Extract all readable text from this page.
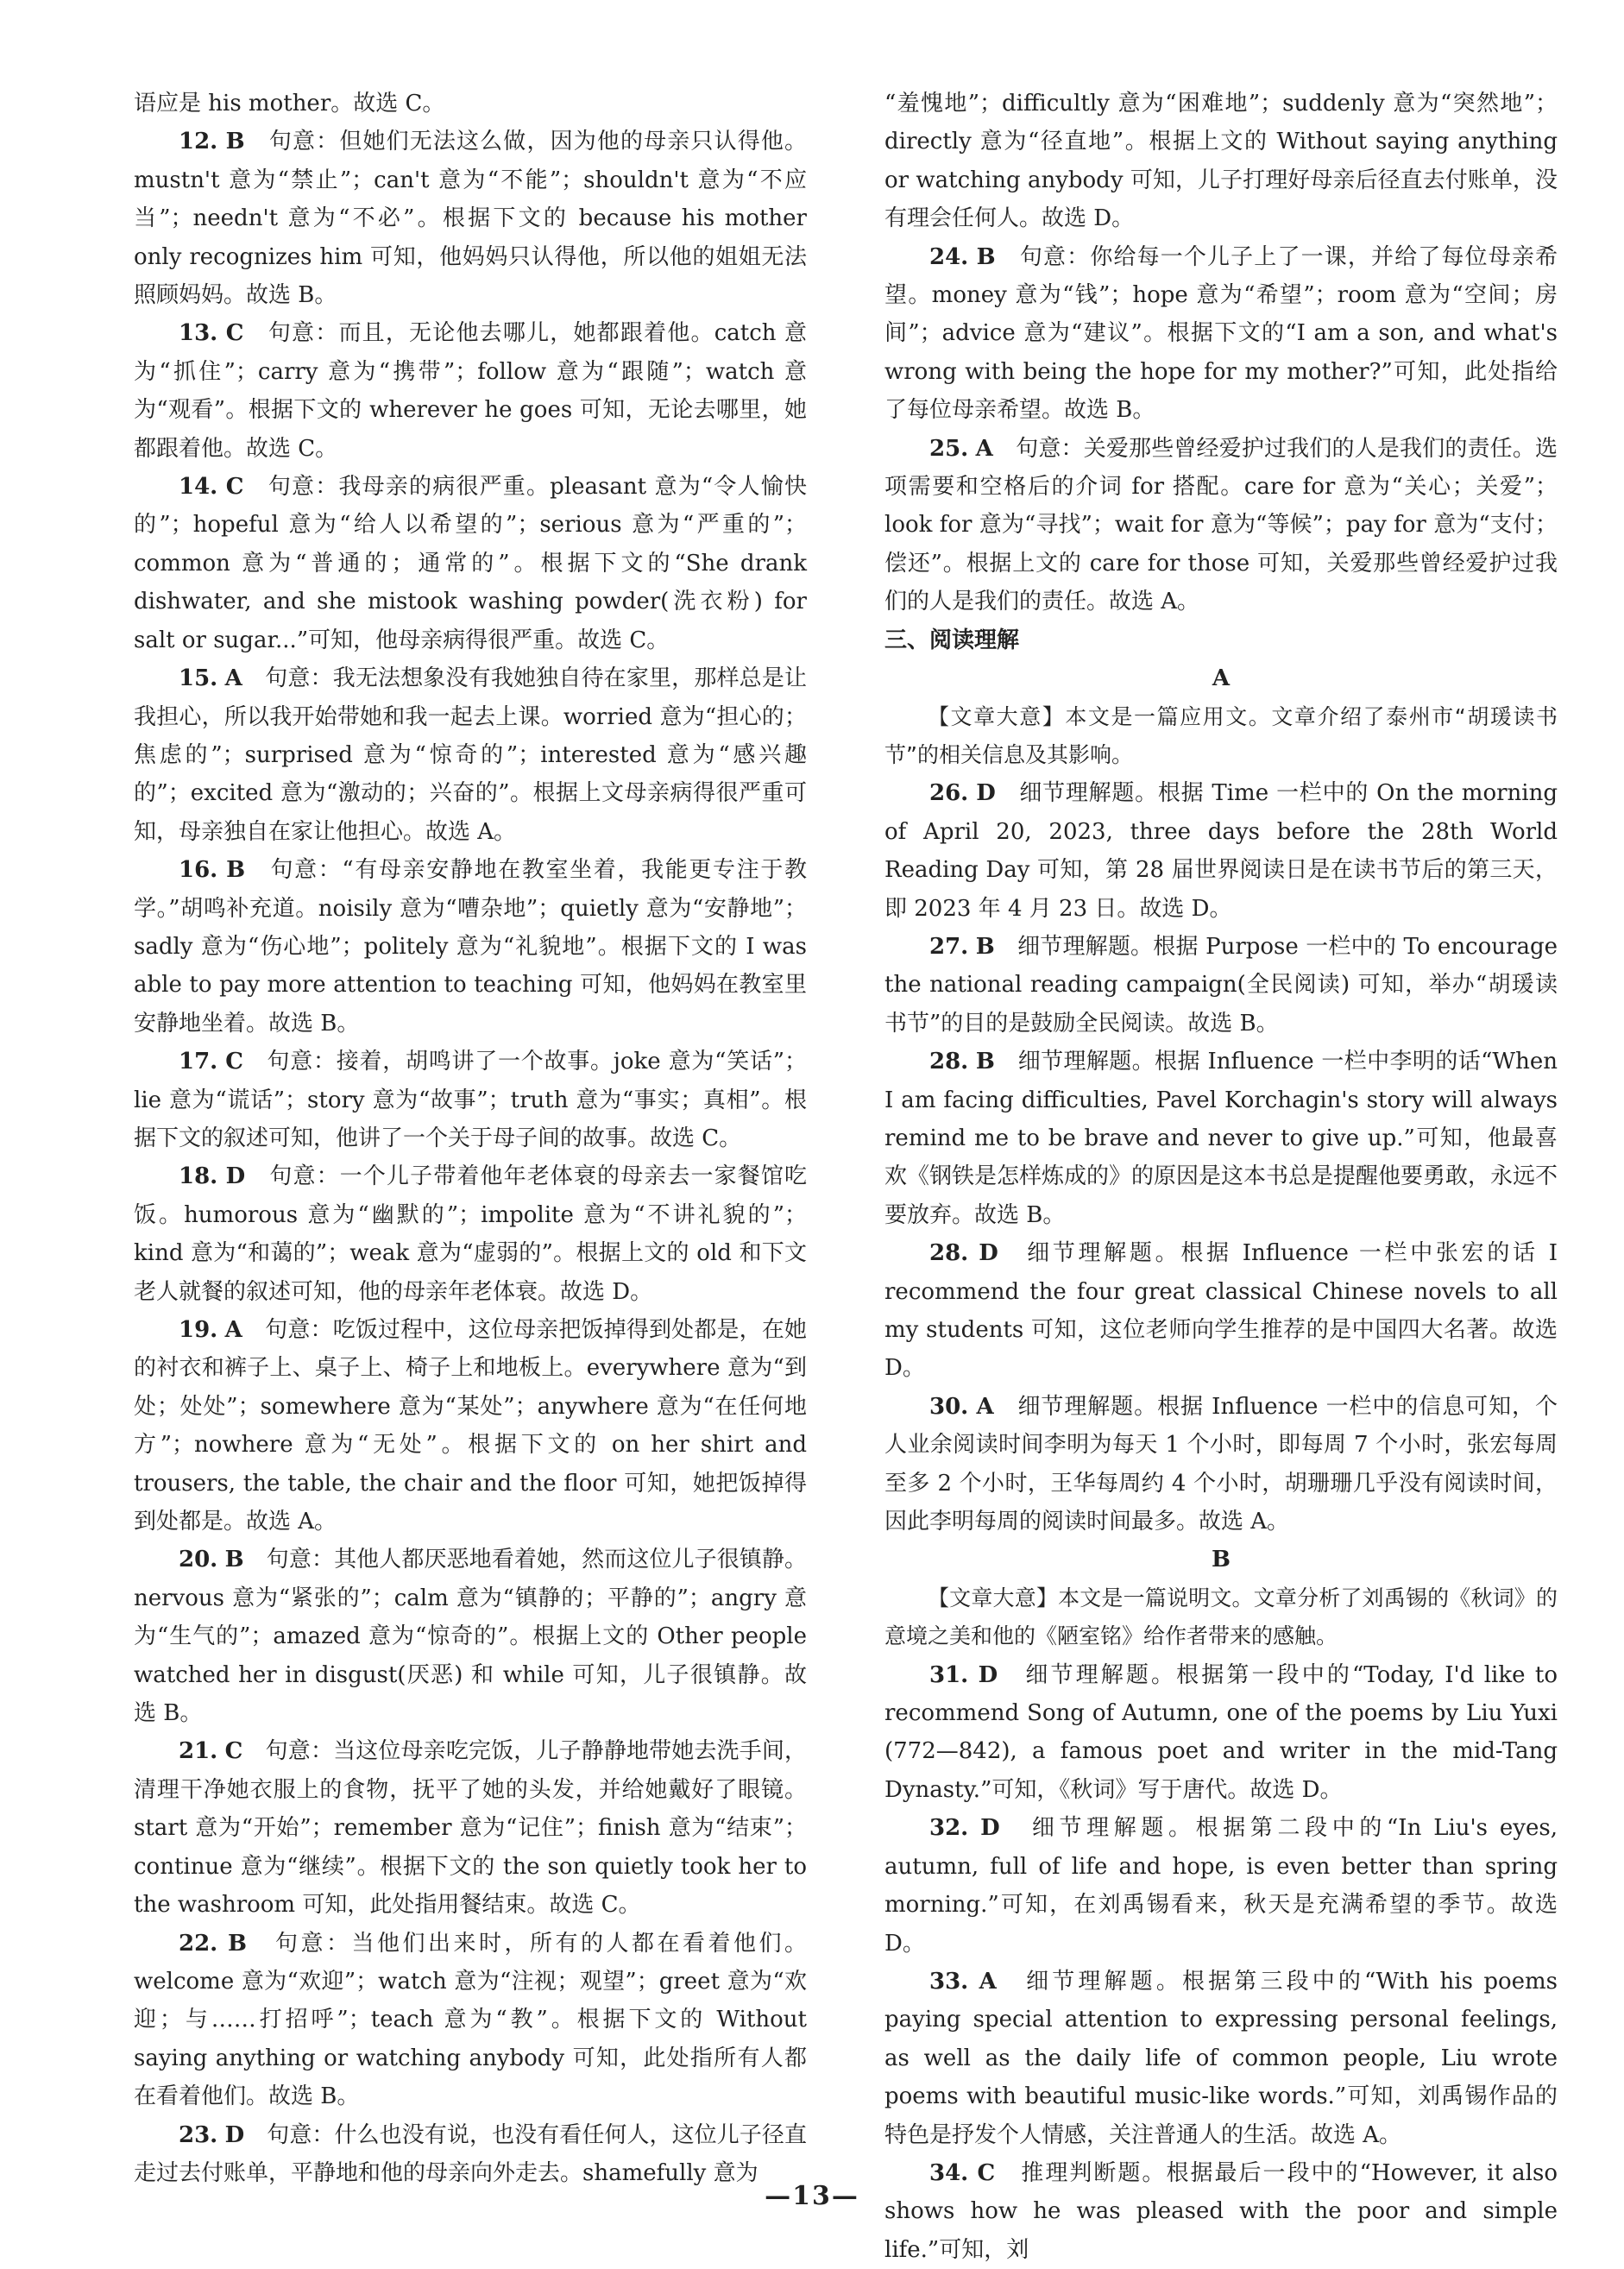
语应是 his mother。故选 C。

12. B　 句意：但她们无法这么做，因为他的母亲只认得他。mustn't 意为“禁止”；can't 意为“不能”；shouldn't 意为“不应当”；needn't 意为“不必”。根据下文的 because his mother only recognizes him 可知，他妈妈只认得他，所以他的姐姐无法照顾妈妈。故选 B。

13. C　 句意：而且，无论他去哪儿，她都跟着他。catch 意为“抓住”；carry 意为“携带”；follow 意为“跟随”；watch 意为“观看”。根据下文的 wherever he goes 可知，无论去哪里，她都跟着他。故选 C。

14. C　 句意：我母亲的病很严重。pleasant 意为“令人愉快的”；hopeful 意为“给人以希望的”；serious 意为“严重的”；common 意为“普通的；通常的”。根据下文的“She drank dishwater, and she mistook washing powder(洗衣粉) for salt or sugar...”可知，他母亲病得很严重。故选 C。

15. A　 句意：我无法想象没有我她独自待在家里，那样总是让我担心，所以我开始带她和我一起去上课。worried 意为“担心的；焦虑的”；surprised 意为“惊奇的”；interested 意为“感兴趣的”；excited 意为“激动的；兴奋的”。根据上文母亲病得很严重可知，母亲独自在家让他担心。故选 A。

16. B　 句意：“有母亲安静地在教室坐着，我能更专注于教学。”胡鸣补充道。noisily 意为“嘈杂地”；quietly 意为“安静地”；sadly 意为“伤心地”；politely 意为“礼貌地”。根据下文的 I was able to pay more attention to teaching 可知，他妈妈在教室里安静地坐着。故选 B。

17. C　 句意：接着，胡鸣讲了一个故事。joke 意为“笑话”；lie 意为“谎话”；story 意为“故事”；truth 意为“事实；真相”。根据下文的叙述可知，他讲了一个关于母子间的故事。故选 C。

18. D　 句意：一个儿子带着他年老体衰的母亲去一家餐馆吃饭。humorous 意为“幽默的”；impolite 意为“不讲礼貌的”；kind 意为“和蔼的”；weak 意为“虚弱的”。根据上文的 old 和下文老人就餐的叙述可知，他的母亲年老体衰。故选 D。

19. A　 句意：吃饭过程中，这位母亲把饭掉得到处都是，在她的衬衣和裤子上、桌子上、椅子上和地板上。everywhere 意为“到处；处处”；somewhere 意为“某处”；anywhere 意为“在任何地方”；nowhere 意为“无处”。根据下文的 on her shirt and trousers, the table, the chair and the floor 可知，她把饭掉得到处都是。故选 A。

20. B　 句意：其他人都厌恶地看着她，然而这位儿子很镇静。nervous 意为“紧张的”；calm 意为“镇静的；平静的”；angry 意为“生气的”；amazed 意为“惊奇的”。根据上文的 Other people watched her in disgust(厌恶) 和 while 可知，儿子很镇静。故选 B。

21. C　 句意：当这位母亲吃完饭，儿子静静地带她去洗手间，清理干净她衣服上的食物，抚平了她的头发，并给她戴好了眼镜。start 意为“开始”；remember 意为“记住”；finish 意为“结束”；continue 意为“继续”。根据下文的 the son quietly took her to the washroom 可知，此处指用餐结束。故选 C。

22. B　 句意：当他们出来时，所有的人都在看着他们。welcome 意为“欢迎”；watch 意为“注视；观望”；greet 意为“欢迎；与……打招呼”；teach 意为“教”。根据下文的 Without saying anything or watching anybody 可知，此处指所有人都在看着他们。故选 B。

23. D　 句意：什么也没有说，也没有看任何人，这位儿子径直走过去付账单，平静地和他的母亲向外走去。shamefully 意为

“羞愧地”；difficultly 意为“困难地”；suddenly 意为“突然地”；directly 意为“径直地”。根据上文的 Without saying anything or watching anybody 可知，儿子打理好母亲后径直去付账单，没有理会任何人。故选 D。

24. B　 句意：你给每一个儿子上了一课，并给了每位母亲希望。money 意为“钱”；hope 意为“希望”；room 意为“空间；房间”；advice 意为“建议”。根据下文的“I am a son, and what's wrong with being the hope for my mother?”可知，此处指给了每位母亲希望。故选 B。

25. A　 句意：关爱那些曾经爱护过我们的人是我们的责任。选项需要和空格后的介词 for 搭配。care for 意为“关心；关爱”；look for 意为“寻找”；wait for 意为“等候”；pay for 意为“支付；偿还”。根据上文的 care for those 可知，关爱那些曾经爱护过我们的人是我们的责任。故选 A。

三、阅读理解
A

【文章大意】本文是一篇应用文。文章介绍了泰州市“胡瑗读书节”的相关信息及其影响。

26. D　 细节理解题。根据 Time 一栏中的 On the morning of April 20, 2023, three days before the 28th World Reading Day 可知，第 28 届世界阅读日是在读书节后的第三天，即 2023 年 4 月 23 日。故选 D。

27. B　 细节理解题。根据 Purpose 一栏中的 To encourage the national reading campaign(全民阅读) 可知，举办“胡瑗读书节”的目的是鼓励全民阅读。故选 B。

28. B　 细节理解题。根据 Influence 一栏中李明的话“When I am facing difficulties, Pavel Korchagin's story will always remind me to be brave and never to give up.”可知，他最喜欢《钢铁是怎样炼成的》的原因是这本书总是提醒他要勇敢，永远不要放弃。故选 B。

28. D　 细节理解题。根据 Influence 一栏中张宏的话 I recommend the four great classical Chinese novels to all my students 可知，这位老师向学生推荐的是中国四大名著。故选 D。

30. A　 细节理解题。根据 Influence 一栏中的信息可知，个人业余阅读时间李明为每天 1 个小时，即每周 7 个小时，张宏每周至多 2 个小时，王华每周约 4 个小时，胡珊珊几乎没有阅读时间，因此李明每周的阅读时间最多。故选 A。

B

【文章大意】本文是一篇说明文。文章分析了刘禹锡的《秋词》的意境之美和他的《陋室铭》给作者带来的感触。

31. D　 细节理解题。根据第一段中的“Today, I'd like to recommend Song of Autumn, one of the poems by Liu Yuxi (772—842), a famous poet and writer in the mid-Tang Dynasty.”可知，《秋词》写于唐代。故选 D。

32. D　 细节理解题。根据第二段中的“In Liu's eyes, autumn, full of life and hope, is even better than spring morning.”可知，在刘禹锡看来，秋天是充满希望的季节。故选 D。

33. A　 细节理解题。根据第三段中的“With his poems paying special attention to expressing personal feelings, as well as the daily life of common people, Liu wrote poems with beautiful music-like words.”可知，刘禹锡作品的特色是抒发个人情感，关注普通人的生活。故选 A。

34. C　 推理判断题。根据最后一段中的“However, it also shows how he was pleased with the poor and simple life.”可知，刘

—13—
